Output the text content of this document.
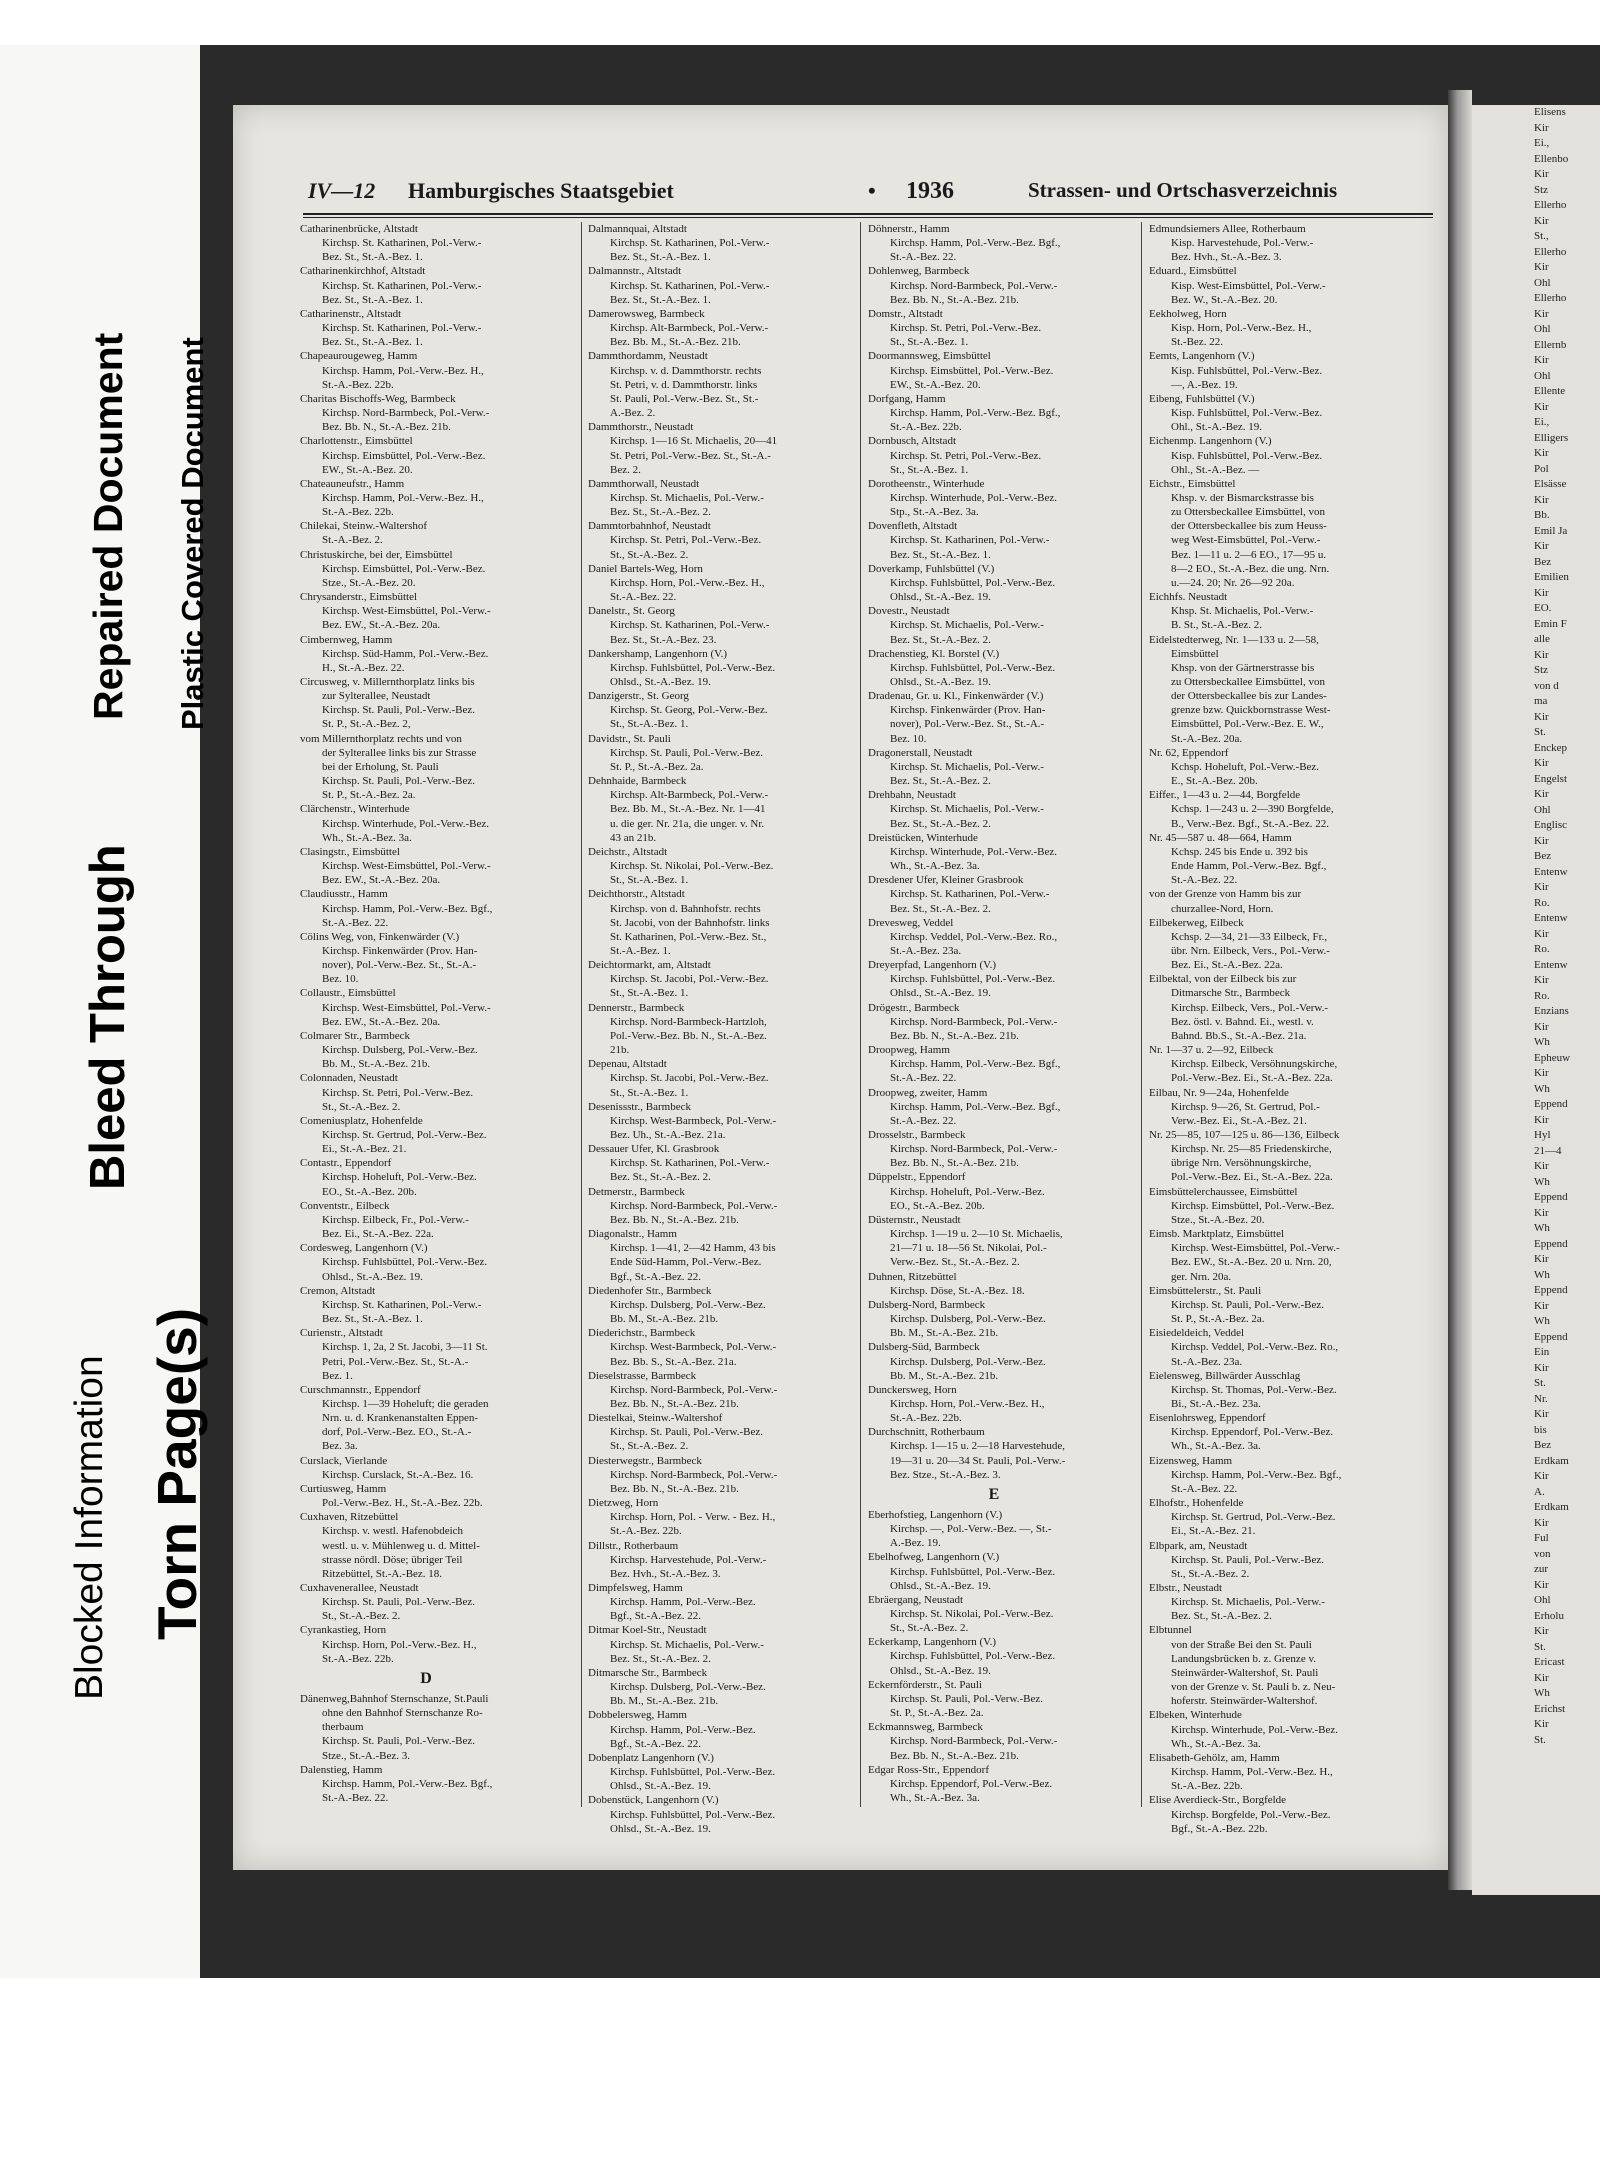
IV—12 Hamburgisches Staatsgebiet	• 1936	Strassen- und Ortschasverzeichnis
Catharinenbrücke, Altstadt
Kirchsp. St. Katharinen, Pol.-Verw.-
Bez. St., St.-A.-Bez. 1.
Catharinenkirchhof, Altstadt
Kirchsp. St. Katharinen, Pol.-Verw.-
Bez. St., St.-A.-Bez. 1.
Catharinenstr., Altstadt
Kirchsp. St. Katharinen, Pol.-Verw.-
Bez. St., St.-A.-Bez. 1.
Chapeaurougeweg, Hamm
Kirchsp. Hamm, Pol.-Verw.-Bez. H.,
St.-A.-Bez. 22b.
Charitas Bischoffs-Weg, Barmbeck
Kirchsp. Nord-Barmbeck, Pol.-Verw.-
Bez. Bb. N., St.-A.-Bez. 21b.
Charlottenstr., Eimsbüttel
Kirchsp. Eimsbüttel, Pol.-Verw.-Bez.
EW., St.-A.-Bez. 20.
Chateauneufstr., Hamm
Kirchsp. Hamm, Pol.-Verw.-Bez. H.,
St.-A.-Bez. 22b.
Chilekai, Steinw.-Waltershof
St.-A.-Bez. 2.
Christuskirche, bei der, Eimsbüttel
Kirchsp. Eimsbüttel, Pol.-Verw.-Bez.
Stze., St.-A.-Bez. 20.
Chrysanderstr., Eimsbüttel
Kirchsp. West-Eimsbüttel, Pol.-Verw.-
Bez. EW., St.-A.-Bez. 20a.
Cimbernweg, Hamm
Kirchsp. Süd-Hamm, Pol.-Verw.-Bez.
H., St.-A.-Bez. 22.
Circusweg, v. Millernthorplatz links bis
zur Sylterallee, Neustadt
Kirchsp. St. Pauli, Pol.-Verw.-Bez.
St. P., St.-A.-Bez. 2,
vom Millernthorplatz rechts und von
der Sylterallee links bis zur Strasse
bei der Erholung, St. Pauli
Kirchsp. St. Pauli, Pol.-Verw.-Bez.
St. P., St.-A.-Bez. 2a.
Clärchenstr., Winterhude
Kirchsp. Winterhude, Pol.-Verw.-Bez.
Wh., St.-A.-Bez. 3a.
Clasingstr., Eimsbüttel
Kirchsp. West-Eimsbüttel, Pol.-Verw.-
Bez. EW., St.-A.-Bez. 20a.
Claudiusstr., Hamm
Kirchsp. Hamm, Pol.-Verw.-Bez. Bgf.,
St.-A.-Bez. 22.
Cölins Weg, von, Finkenwärder (V.)
Kirchsp. Finkenwärder (Prov. Han-
nover), Pol.-Verw.-Bez. St., St.-A.-
Bez. 10.
Collaustr., Eimsbüttel
Kirchsp. West-Eimsbüttel, Pol.-Verw.-
Bez. EW., St.-A.-Bez. 20a.
Colmarer Str., Barmbeck
Kirchsp. Dulsberg, Pol.-Verw.-Bez.
Bb. M., St.-A.-Bez. 21b.
Colonnaden, Neustadt
Kirchsp. St. Petri, Pol.-Verw.-Bez.
St., St.-A.-Bez. 2.
Comeniusplatz, Hohenfelde
Kirchsp. St. Gertrud, Pol.-Verw.-Bez.
Ei., St.-A.-Bez. 21.
Contastr., Eppendorf
Kirchsp. Hoheluft, Pol.-Verw.-Bez.
EO., St.-A.-Bez. 20b.
Conventstr., Eilbeck
Kirchsp. Eilbeck, Fr., Pol.-Verw.-
Bez. Ei., St.-A.-Bez. 22a.
Cordesweg, Langenhorn (V.)
Kirchsp. Fuhlsbüttel, Pol.-Verw.-Bez.
Ohlsd., St.-A.-Bez. 19.
Cremon, Altstadt
Kirchsp. St. Katharinen, Pol.-Verw.-
Bez. St., St.-A.-Bez. 1.
Curienstr., Altstadt
Kirchsp. 1, 2a, 2 St. Jacobi, 3—11 St.
Petri, Pol.-Verw.-Bez. St., St.-A.-
Bez. 1.
Curschmannstr., Eppendorf
Kirchsp. 1—39 Hoheluft; die geraden
Nrn. u. d. Krankenanstalten Eppen-
dorf, Pol.-Verw.-Bez. EO., St.-A.-
Bez. 3a.
Curslack, Vierlande
Kirchsp. Curslack, St.-A.-Bez. 16.
Curtiusweg, Hamm
Pol.-Verw.-Bez. H., St.-A.-Bez. 22b.
Cuxhaven, Ritzebüttel
Kirchsp. v. westl. Hafenobdeich
westl. u. v. Mühlenweg u. d. Mittel-
strasse nördl. Döse; übriger Teil
Ritzebüttel, St.-A.-Bez. 18.
Cuxhavenerallee, Neustadt
Kirchsp. St. Pauli, Pol.-Verw.-Bez.
St., St.-A.-Bez. 2.
Cyrankastieg, Horn
Kirchsp. Horn, Pol.-Verw.-Bez. H.,
St.-A.-Bez. 22b.
D
Dänenweg,Bahnhof Sternschanze, St.Pauli
ohne den Bahnhof Sternschanze Ro-
therbaum
Kirchsp. St. Pauli, Pol.-Verw.-Bez.
Stze., St.-A.-Bez. 3.
Dalenstieg, Hamm
Kirchsp. Hamm, Pol.-Verw.-Bez. Bgf.,
St.-A.-Bez. 22.
Dalmannquai, Altstadt
Kirchsp. St. Katharinen, Pol.-Verw.-
Bez. St., St.-A.-Bez. 1.
Dalmannstr., Altstadt
Kirchsp. St. Katharinen, Pol.-Verw.-
Bez. St., St.-A.-Bez. 1.
Damerowsweg, Barmbeck
Kirchsp. Alt-Barmbeck, Pol.-Verw.-
Bez. Bb. M., St.-A.-Bez. 21b.
Dammthordamm, Neustadt
Kirchsp. v. d. Dammthorstr. rechts
St. Petri, v. d. Dammthorstr. links
St. Pauli, Pol.-Verw.-Bez. St., St.-
A.-Bez. 2.
Dammthorstr., Neustadt
Kirchsp. 1—16 St. Michaelis, 20—41
St. Petri, Pol.-Verw.-Bez. St., St.-A.-
Bez. 2.
Dammthorwall, Neustadt
Kirchsp. St. Michaelis, Pol.-Verw.-
Bez. St., St.-A.-Bez. 2.
Dammtorbahnhof, Neustadt
Kirchsp. St. Petri, Pol.-Verw.-Bez.
St., St.-A.-Bez. 2.
Daniel Bartels-Weg, Horn
Kirchsp. Horn, Pol.-Verw.-Bez. H.,
St.-A.-Bez. 22.
Danelstr., St. Georg
Kirchsp. St. Katharinen, Pol.-Verw.-
Bez. St., St.-A.-Bez. 23.
Dankershamp, Langenhorn (V.)
Kirchsp. Fuhlsbüttel, Pol.-Verw.-Bez.
Ohlsd., St.-A.-Bez. 19.
Danzigerstr., St. Georg
Kirchsp. St. Georg, Pol.-Verw.-Bez.
St., St.-A.-Bez. 1.
Davidstr., St. Pauli
Kirchsp. St. Pauli, Pol.-Verw.-Bez.
St. P., St.-A.-Bez. 2a.
Dehnhaide, Barmbeck
Kirchsp. Alt-Barmbeck, Pol.-Verw.-
Bez. Bb. M., St.-A.-Bez. Nr. 1—41
u. die ger. Nr. 21a, die unger. v. Nr.
43 an 21b.
Deichstr., Altstadt
Kirchsp. St. Nikolai, Pol.-Verw.-Bez.
St., St.-A.-Bez. 1.
Deichthorstr., Altstadt
Kirchsp. von d. Bahnhofstr. rechts
St. Jacobi, von der Bahnhofstr. links
St. Katharinen, Pol.-Verw.-Bez. St.,
St.-A.-Bez. 1.
Deichtormarkt, am, Altstadt
Kirchsp. St. Jacobi, Pol.-Verw.-Bez.
St., St.-A.-Bez. 1.
Dennerstr., Barmbeck
Kirchsp. Nord-Barmbeck-Hartzloh,
Pol.-Verw.-Bez. Bb. N., St.-A.-Bez.
21b.
Depenau, Altstadt
Kirchsp. St. Jacobi, Pol.-Verw.-Bez.
St., St.-A.-Bez. 1.
Desenissstr., Barmbeck
Kirchsp. West-Barmbeck, Pol.-Verw.-
Bez. Uh., St.-A.-Bez. 21a.
Dessauer Ufer, Kl. Grasbrook
Kirchsp. St. Katharinen, Pol.-Verw.-
Bez. St., St.-A.-Bez. 2.
Detmerstr., Barmbeck
Kirchsp. Nord-Barmbeck, Pol.-Verw.-
Bez. Bb. N., St.-A.-Bez. 21b.
Diagonalstr., Hamm
Kirchsp. 1—41, 2—42 Hamm, 43 bis
Ende Süd-Hamm, Pol.-Verw.-Bez.
Bgf., St.-A.-Bez. 22.
Diedenhofer Str., Barmbeck
Kirchsp. Dulsberg, Pol.-Verw.-Bez.
Bb. M., St.-A.-Bez. 21b.
Diederichstr., Barmbeck
Kirchsp. West-Barmbeck, Pol.-Verw.-
Bez. Bb. S., St.-A.-Bez. 21a.
Dieselstrasse, Barmbeck
Kirchsp. Nord-Barmbeck, Pol.-Verw.-
Bez. Bb. N., St.-A.-Bez. 21b.
Diestelkai, Steinw.-Waltershof
Kirchsp. St. Pauli, Pol.-Verw.-Bez.
St., St.-A.-Bez. 2.
Diesterwegstr., Barmbeck
Kirchsp. Nord-Barmbeck, Pol.-Verw.-
Bez. Bb. N., St.-A.-Bez. 21b.
Dietzweg, Horn
Kirchsp. Horn, Pol. - Verw. - Bez. H.,
St.-A.-Bez. 22b.
Dillstr., Rotherbaum
Kirchsp. Harvestehude, Pol.-Verw.-
Bez. Hvh., St.-A.-Bez. 3.
Dimpfelsweg, Hamm
Kirchsp. Hamm, Pol.-Verw.-Bez.
Bgf., St.-A.-Bez. 22.
Ditmar Koel-Str., Neustadt
Kirchsp. St. Michaelis, Pol.-Verw.-
Bez. St., St.-A.-Bez. 2.
Ditmarsche Str., Barmbeck
Kirchsp. Dulsberg, Pol.-Verw.-Bez.
Bb. M., St.-A.-Bez. 21b.
Dobbelersweg, Hamm
Kirchsp. Hamm, Pol.-Verw.-Bez.
Bgf., St.-A.-Bez. 22.
Dobenplatz Langenhorn (V.)
Kirchsp. Fuhlsbüttel, Pol.-Verw.-Bez.
Ohlsd., St.-A.-Bez. 19.
Dobenstück, Langenhorn (V.)
Kirchsp. Fuhlsbüttel, Pol.-Verw.-Bez.
Ohlsd., St.-A.-Bez. 19.
Döhnerstr., Hamm
Kirchsp. Hamm, Pol.-Verw.-Bez. Bgf.,
St.-A.-Bez. 22.
Dohlenweg, Barmbeck
Kirchsp. Nord-Barmbeck, Pol.-Verw.-
Bez. Bb. N., St.-A.-Bez. 21b.
Domstr., Altstadt
Kirchsp. St. Petri, Pol.-Verw.-Bez.
St., St.-A.-Bez. 1.
Doormannsweg, Eimsbüttel
Kirchsp. Eimsbüttel, Pol.-Verw.-Bez.
EW., St.-A.-Bez. 20.
Dorfgang, Hamm
Kirchsp. Hamm, Pol.-Verw.-Bez. Bgf.,
St.-A.-Bez. 22b.
Dornbusch, Altstadt
Kirchsp. St. Petri, Pol.-Verw.-Bez.
St., St.-A.-Bez. 1.
Dorotheenstr., Winterhude
Kirchsp. Winterhude, Pol.-Verw.-Bez.
Stp., St.-A.-Bez. 3a.
Dovenfleth, Altstadt
Kirchsp. St. Katharinen, Pol.-Verw.-
Bez. St., St.-A.-Bez. 1.
Doverkamp, Fuhlsbüttel (V.)
Kirchsp. Fuhlsbüttel, Pol.-Verw.-Bez.
Ohlsd., St.-A.-Bez. 19.
Dovestr., Neustadt
Kirchsp. St. Michaelis, Pol.-Verw.-
Bez. St., St.-A.-Bez. 2.
Drachenstieg, Kl. Borstel (V.)
Kirchsp. Fuhlsbüttel, Pol.-Verw.-Bez.
Ohlsd., St.-A.-Bez. 19.
Dradenau, Gr. u. Kl., Finkenwärder (V.)
Kirchsp. Finkenwärder (Prov. Han-
nover), Pol.-Verw.-Bez. St., St.-A.-
Bez. 10.
Dragonerstall, Neustadt
Kirchsp. St. Michaelis, Pol.-Verw.-
Bez. St., St.-A.-Bez. 2.
Drehbahn, Neustadt
Kirchsp. St. Michaelis, Pol.-Verw.-
Bez. St., St.-A.-Bez. 2.
Dreistücken, Winterhude
Kirchsp. Winterhude, Pol.-Verw.-Bez.
Wh., St.-A.-Bez. 3a.
Dresdener Ufer, Kleiner Grasbrook
Kirchsp. St. Katharinen, Pol.-Verw.-
Bez. St., St.-A.-Bez. 2.
Drevesweg, Veddel
Kirchsp. Veddel, Pol.-Verw.-Bez. Ro.,
St.-A.-Bez. 23a.
Dreyerpfad, Langenhorn (V.)
Kirchsp. Fuhlsbüttel, Pol.-Verw.-Bez.
Ohlsd., St.-A.-Bez. 19.
Drögestr., Barmbeck
Kirchsp. Nord-Barmbeck, Pol.-Verw.-
Bez. Bb. N., St.-A.-Bez. 21b.
Droopweg, Hamm
Kirchsp. Hamm, Pol.-Verw.-Bez. Bgf.,
St.-A.-Bez. 22.
Droopweg, zweiter, Hamm
Kirchsp. Hamm, Pol.-Verw.-Bez. Bgf.,
St.-A.-Bez. 22.
Drosselstr., Barmbeck
Kirchsp. Nord-Barmbeck, Pol.-Verw.-
Bez. Bb. N., St.-A.-Bez. 21b.
Düppelstr., Eppendorf
Kirchsp. Hoheluft, Pol.-Verw.-Bez.
EO., St.-A.-Bez. 20b.
Düsternstr., Neustadt
Kirchsp. 1—19 u. 2—10 St. Michaelis,
21—71 u. 18—56 St. Nikolai, Pol.-
Verw.-Bez. St., St.-A.-Bez. 2.
Duhnen, Ritzebüttel
Kirchsp. Döse, St.-A.-Bez. 18.
Dulsberg-Nord, Barmbeck
Kirchsp. Dulsberg, Pol.-Verw.-Bez.
Bb. M., St.-A.-Bez. 21b.
Dulsberg-Süd, Barmbeck
Kirchsp. Dulsberg, Pol.-Verw.-Bez.
Bb. M., St.-A.-Bez. 21b.
Dunckersweg, Horn
Kirchsp. Horn, Pol.-Verw.-Bez. H.,
St.-A.-Bez. 22b.
Durchschnitt, Rotherbaum
Kirchsp. 1—15 u. 2—18 Harvestehude,
19—31 u. 20—34 St. Pauli, Pol.-Verw.-
Bez. Stze., St.-A.-Bez. 3.
E
Eberhofstieg, Langenhorn (V.)
Kirchsp. —, Pol.-Verw.-Bez. —, St.-
A.-Bez. 19.
Ebelhofweg, Langenhorn (V.)
Kirchsp. Fuhlsbüttel, Pol.-Verw.-Bez.
Ohlsd., St.-A.-Bez. 19.
Ebräergang, Neustadt
Kirchsp. St. Nikolai, Pol.-Verw.-Bez.
St., St.-A.-Bez. 2.
Eckerkamp, Langenhorn (V.)
Kirchsp. Fuhlsbüttel, Pol.-Verw.-Bez.
Ohlsd., St.-A.-Bez. 19.
Eckernförderstr., St. Pauli
Kirchsp. St. Pauli, Pol.-Verw.-Bez.
St. P., St.-A.-Bez. 2a.
Eckmannsweg, Barmbeck
Kirchsp. Nord-Barmbeck, Pol.-Verw.-
Bez. Bb. N., St.-A.-Bez. 21b.
Edgar Ross-Str., Eppendorf
Kirchsp. Eppendorf, Pol.-Verw.-Bez.
Wh., St.-A.-Bez. 3a.
Edmundsiemers Allee, Rotherbaum
Kisp. Harvestehude, Pol.-Verw.-
Bez. Hvh., St.-A.-Bez. 3.
Eduard., Eimsbüttel
Kisp. West-Eimsbüttel, Pol.-Verw.-
Bez. W., St.-A.-Bez. 20.
Eekholweg, Horn
Kisp. Horn, Pol.-Verw.-Bez. H.,
St.-Bez. 22.
Eemts, Langenhorn (V.)
Kisp. Fuhlsbüttel, Pol.-Verw.-Bez.
—, A.-Bez. 19.
Eibeng, Fuhlsbüttel (V.)
Kisp. Fuhlsbüttel, Pol.-Verw.-Bez.
Ohl., St.-A.-Bez. 19.
Eichenmp. Langenhorn (V.)
Kisp. Fuhlsbüttel, Pol.-Verw.-Bez.
Ohl., St.-A.-Bez. —
Eichstr., Eimsbüttel
Khsp. v. der Bismarckstrasse bis
zu Ottersbeckallee Eimsbüttel, von
der Ottersbeckallee bis zum Heuss-
weg West-Eimsbüttel, Pol.-Verw.-
Bez. 1—11 u. 2—6 EO., 17—95 u.
8—2 EO., St.-A.-Bez. die ung. Nrn.
u.—24. 20; Nr. 26—92 20a.
Eichhfs. Neustadt
Khsp. St. Michaelis, Pol.-Verw.-
B. St., St.-A.-Bez. 2.
Eidelstedterweg, Nr. 1—133 u. 2—58,
Eimsbüttel
Khsp. von der Gärtnerstrasse bis
zu Ottersbeckallee Eimsbüttel, von
der Ottersbeckallee bis zur Landes-
grenze bzw. Quickbornstrasse West-
Eimsbüttel, Pol.-Verw.-Bez. E. W.,
St.-A.-Bez. 20a.
Nr. 62, Eppendorf
Kchsp. Hoheluft, Pol.-Verw.-Bez.
E., St.-A.-Bez. 20b.
Eiffer., 1—43 u. 2—44, Borgfelde
Kchsp. 1—243 u. 2—390 Borgfelde,
B., Verw.-Bez. Bgf., St.-A.-Bez. 22.
Nr. 45—587 u. 48—664, Hamm
Kchsp. 245 bis Ende u. 392 bis
Ende Hamm, Pol.-Verw.-Bez. Bgf.,
St.-A.-Bez. 22.
von der Grenze von Hamm bis zur
churzallee-Nord, Horn.
Eilbekerweg, Eilbeck
Kchsp. 2—34, 21—33 Eilbeck, Fr.,
übr. Nrn. Eilbeck, Vers., Pol.-Verw.-
Bez. Ei., St.-A.-Bez. 22a.
Eilbektal, von der Eilbeck bis zur
Ditmarsche Str., Barmbeck
Kirchsp. Eilbeck, Vers., Pol.-Verw.-
Bez. östl. v. Bahnd. Ei., westl. v.
Bahnd. Bb.S., St.-A.-Bez. 21a.
Nr. 1—37 u. 2—92, Eilbeck
Kirchsp. Eilbeck, Versöhnungskirche,
Pol.-Verw.-Bez. Ei., St.-A.-Bez. 22a.
Eilbau, Nr. 9—24a, Hohenfelde
Kirchsp. 9—26, St. Gertrud, Pol.-
Verw.-Bez. Ei., St.-A.-Bez. 21.
Nr. 25—85, 107—125 u. 86—136, Eilbeck
Kirchsp. Nr. 25—85 Friedenskirche,
übrige Nrn. Versöhnungskirche,
Pol.-Verw.-Bez. Ei., St.-A.-Bez. 22a.
Eimsbüttelerchaussee, Eimsbüttel
Kirchsp. Eimsbüttel, Pol.-Verw.-Bez.
Stze., St.-A.-Bez. 20.
Eimsb. Marktplatz, Eimsbüttel
Kirchsp. West-Eimsbüttel, Pol.-Verw.-
Bez. EW., St.-A.-Bez. 20 u. Nrn. 20,
ger. Nrn. 20a.
Eimsbüttelerstr., St. Pauli
Kirchsp. St. Pauli, Pol.-Verw.-Bez.
St. P., St.-A.-Bez. 2a.
Eisiedeldeich, Veddel
Kirchsp. Veddel, Pol.-Verw.-Bez. Ro.,
St.-A.-Bez. 23a.
Eielensweg, Billwärder Ausschlag
Kirchsp. St. Thomas, Pol.-Verw.-Bez.
Bi., St.-A.-Bez. 23a.
Eisenlohrsweg, Eppendorf
Kirchsp. Eppendorf, Pol.-Verw.-Bez.
Wh., St.-A.-Bez. 3a.
Eizensweg, Hamm
Kirchsp. Hamm, Pol.-Verw.-Bez. Bgf.,
St.-A.-Bez. 22.
Elhofstr., Hohenfelde
Kirchsp. St. Gertrud, Pol.-Verw.-Bez.
Ei., St.-A.-Bez. 21.
Elbpark, am, Neustadt
Kirchsp. St. Pauli, Pol.-Verw.-Bez.
St., St.-A.-Bez. 2.
Elbstr., Neustadt
Kirchsp. St. Michaelis, Pol.-Verw.-
Bez. St., St.-A.-Bez. 2.
Elbtunnel
von der Straße Bei den St. Pauli
Landungsbrücken b. z. Grenze v.
Steinwärder-Waltershof, St. Pauli
von der Grenze v. St. Pauli b. z. Neu-
hoferstr. Steinwärder-Waltershof.
Elbeken, Winterhude
Kirchsp. Winterhude, Pol.-Verw.-Bez.
Wh., St.-A.-Bez. 3a.
Elisabeth-Gehölz, am, Hamm
Kirchsp. Hamm, Pol.-Verw.-Bez. H.,
St.-A.-Bez. 22b.
Elise Averdieck-Str., Borgfelde
Kirchsp. Borgfelde, Pol.-Verw.-Bez.
Bgf., St.-A.-Bez. 22b.
Elisens
Kir
Ei.,
Ellenbo
Kir
Stz
Ellerho
Kir
St.,
Ellerho
Kir
Ohl
Ellerho
Kir
Ohl
Ellernb
Kir
Ohl
Ellente
Kir
Ei.,
Elligers
Kir
Pol
Elsässe
Kir
Bb.
Emil Ja
Kir
Bez
Emilien
Kir
EO.
Emin F
alle
Kir
Stz
von d
ma
Kir
St.
Enckep
Kir
Engelst
Kir
Ohl
Englisc
Kir
Bez
Entenw
Kir
Ro.
Entenw
Kir
Ro.
Entenw
Kir
Ro.
Enzians
Kir
Wh
Epheuw
Kir
Wh
Eppend
Kir
Hyl
21—4
Kir
Wh
Eppend
Kir
Wh
Eppend
Kir
Wh
Eppend
Kir
Wh
Eppend
Ein
Kir
St.
Nr.
Kir
bis
Bez
Erdkam
Kir
A.
Erdkam
Kir
Ful
von
zur
Kir
Ohl
Erholu
Kir
St.
Ericast
Kir
Wh
Erichst
Kir
St.
Repaired Document Plastic Covered Document
Bleed Through
Torn Page(s)
Blocked Information
